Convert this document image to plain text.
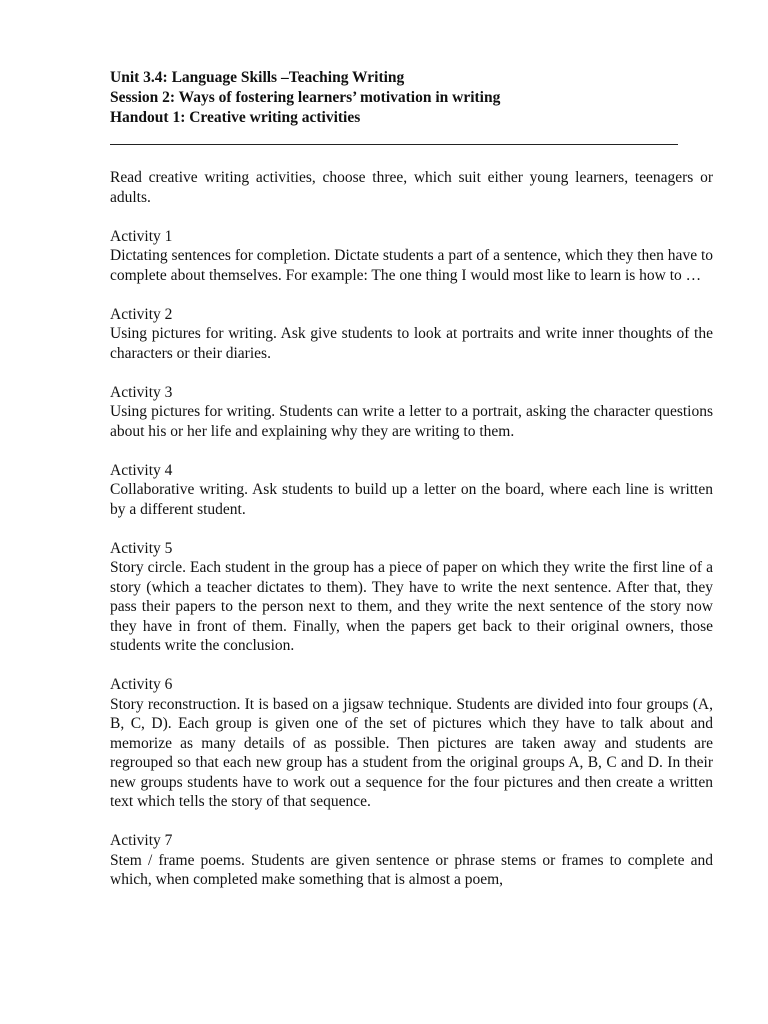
Unit 3.4: Language Skills –Teaching Writing
Session 2: Ways of fostering learners’ motivation in writing
Handout 1: Creative writing activities

Read creative writing activities, choose three, which suit either young learners, teenagers or adults.

Activity 1
Dictating sentences for completion. Dictate students a part of a sentence, which they then have to complete about themselves. For example: The one thing I would most like to learn is how to …

Activity 2
Using pictures for writing. Ask give students to look at portraits and write inner thoughts of the characters or their diaries.

Activity 3
Using pictures for writing. Students can write a letter to a portrait, asking the character questions about his or her life and explaining why they are writing to them.

Activity 4
Collaborative writing. Ask students to build up a letter on the board, where each line is written by a different student.

Activity 5
Story circle. Each student in the group has a piece of paper on which they write the first line of a story (which a teacher dictates to them). They have to write the next sentence. After that, they pass their papers to the person next to them, and they write the next sentence of the story now they have in front of them. Finally, when the papers get back to their original owners, those students write the conclusion.

Activity 6
Story reconstruction. It is based on a jigsaw technique. Students are divided into four groups (A, B, C, D). Each group is given one of the set of pictures which they have to talk about and memorize as many details of as possible. Then pictures are taken away and students are regrouped so that each new group has a student from the original groups A, B, C and D. In their new groups students have to work out a sequence for the four pictures and then create a written text which tells the story of that sequence.

Activity 7
Stem / frame poems. Students are given sentence or phrase stems or frames to complete and which, when completed make something that is almost a poem,
